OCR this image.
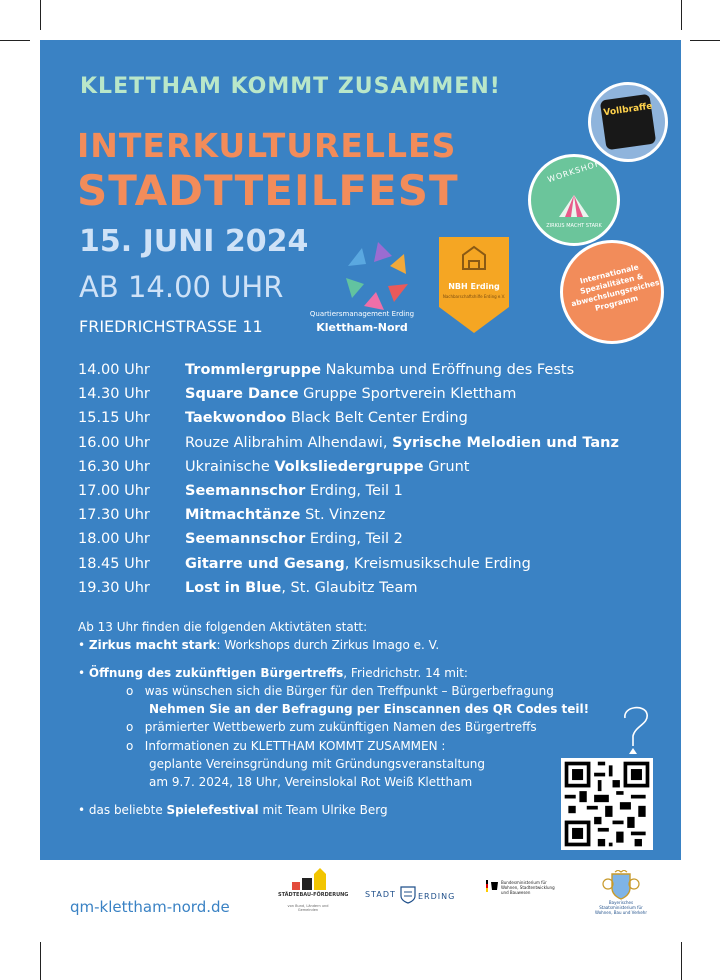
KLETTHAM KOMMT ZUSAMMEN!
INTERKULTURELLES
STADTTEILFEST
15. JUNI 2024
AB 14.00 UHR
FRIEDRICHSTRASSE 11
Quartiersmanagement Erding
Klettham-Nord
NBH Erding
Nachbarschaftshilfe Erding e.V.
Vollbraffe
WORKSHOP
ZIRKUS MACHT STARK
Internationale Spezialitäten & abwechslungsreiches Programm
14.00 Uhr	Trommlergruppe Nakumba und Eröffnung des Fests
14.30 Uhr	Square Dance Gruppe Sportverein Klettham
15.15 Uhr	Taekwondoo Black Belt Center Erding
16.00 Uhr	Rouze Alibrahim Alhendawi, Syrische Melodien und Tanz
16.30 Uhr	Ukrainische Volksliedergruppe Grunt
17.00 Uhr	Seemannschor Erding, Teil 1
17.30 Uhr	Mitmachtänze St. Vinzenz
18.00 Uhr	Seemannschor Erding, Teil 2
18.45 Uhr	Gitarre und Gesang, Kreismusikschule Erding
19.30 Uhr	Lost in Blue, St. Glaubitz Team
Ab 13 Uhr finden die folgenden Aktivtäten statt:
• Zirkus macht stark: Workshops durch Zirkus Imago e. V.
• Öffnung des zukünftigen Bürgertreffs, Friedrichstr. 14 mit:
o was wünschen sich die Bürger für den Treffpunkt – Bürgerbefragung
Nehmen Sie an der Befragung per Einscannen des QR Codes teil!
o prämierter Wettbewerb zum zukünftigen Namen des Bürgertreffs
o Informationen zu KLETTHAM KOMMT ZUSAMMEN :
geplante Vereinsgründung mit Gründungsveranstaltung
am 9.7. 2024, 18 Uhr, Vereinslokal Rot Weiß Klettham
• das beliebte Spielefestival mit Team Ulrike Berg
qm-klettham-nord.de
STÄDTEBAU-FÖRDERUNG
von Bund, Ländern und Gemeinden
STADT	ERDING
Bundesministerium für Wohnen, Stadtentwicklung und Bauwesen
Bayerisches Staatsministerium für Wohnen, Bau und Verkehr
